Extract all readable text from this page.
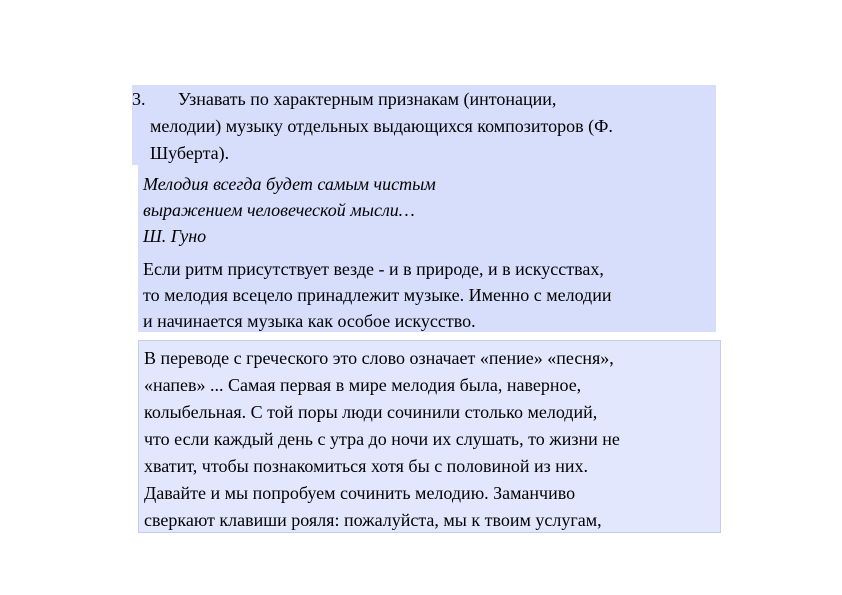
3. Узнавать по характерным признакам (интонации,
мелодии) музыку отдельных выдающихся композиторов (Ф.
Шуберта).
Мелодия всегда будет самым чистым
выражением человеческой мысли…
Ш. Гуно
Если ритм присутствует везде - и в природе, и в искусствах,
то мелодия всецело принадлежит музыке. Именно с мелодии
и начинается музыка как особое искусство.
В переводе с греческого это слово означает «пение» «песня»,
«напев» ... Самая первая в мире мелодия была, наверное,
колыбельная. С той поры люди сочинили столько мелодий,
что если каждый день с утра до ночи их слушать, то жизни не
хватит, чтобы познакомиться хотя бы с половиной из них.
Давайте и мы попробуем сочинить мелодию. Заманчиво
сверкают клавиши рояля: пожалуйста, мы к твоим услугам,
